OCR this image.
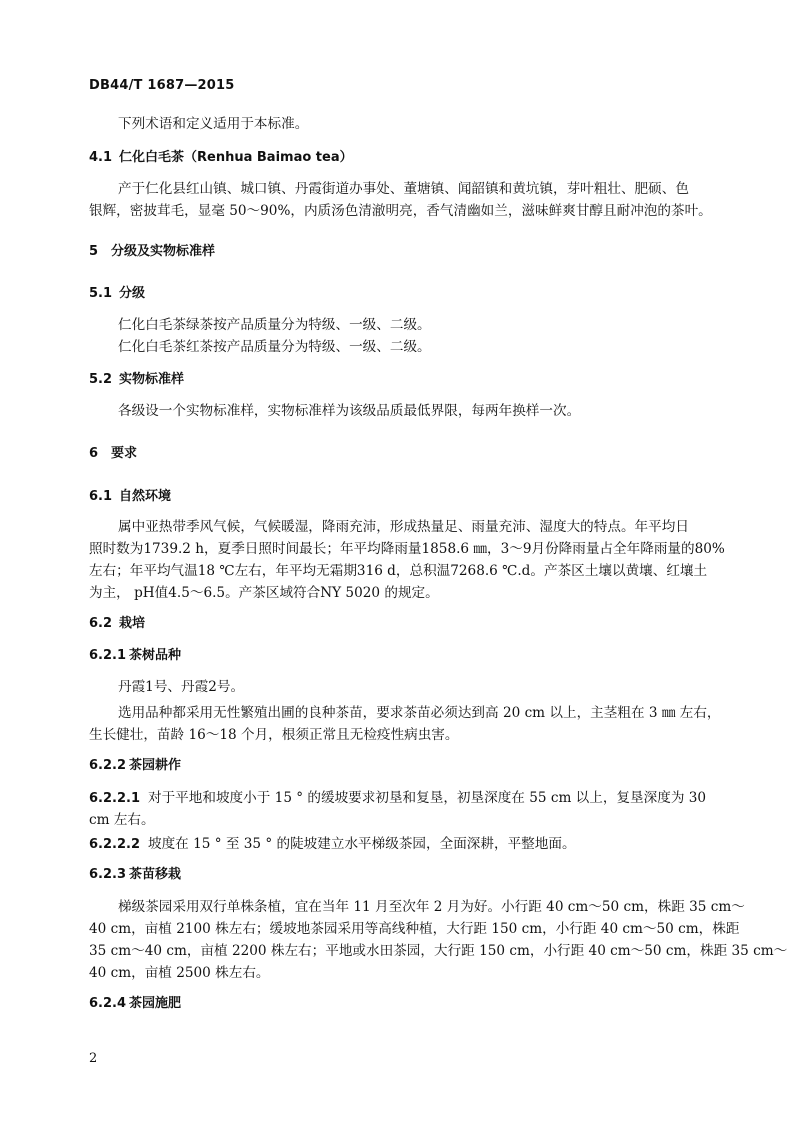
DB44/T 1687—2015
下列术语和定义适用于本标准。
4.1 仁化白毛茶（Renhua Baimao tea）
产于仁化县红山镇、城口镇、丹霞街道办事处、董塘镇、闻韶镇和黄坑镇，芽叶粗壮、肥硕、色
银辉，密披茸毛，显毫 50～90%，内质汤色清澈明亮，香气清幽如兰，滋味鲜爽甘醇且耐冲泡的茶叶。
5 分级及实物标准样
5.1 分级
仁化白毛茶绿茶按产品质量分为特级、一级、二级。
仁化白毛茶红茶按产品质量分为特级、一级、二级。
5.2 实物标准样
各级设一个实物标准样，实物标准样为该级品质最低界限，每两年换样一次。
6 要求
6.1 自然环境
属中亚热带季风气候，气候暖湿，降雨充沛，形成热量足、雨量充沛、湿度大的特点。年平均日
照时数为1739.2 h，夏季日照时间最长；年平均降雨量1858.6 ㎜，3～9月份降雨量占全年降雨量的80%
左右；年平均气温18 ℃左右，年平均无霜期316 d，总积温7268.6 ℃.d。产茶区土壤以黄壤、红壤土
为主， pH值4.5～6.5。产茶区域符合NY 5020 的规定。
6.2 栽培
6.2.1 茶树品种
丹霞1号、丹霞2号。
选用品种都采用无性繁殖出圃的良种茶苗，要求茶苗必须达到高 20 cm 以上，主茎粗在 3 ㎜ 左右，
生长健壮，苗龄 16～18 个月，根须正常且无检疫性病虫害。
6.2.2 茶园耕作
6.2.2.1 对于平地和坡度小于 15 ° 的缓坡要求初垦和复垦，初垦深度在 55 cm 以上，复垦深度为 30
cm 左右。
6.2.2.2 坡度在 15 ° 至 35 ° 的陡坡建立水平梯级茶园，全面深耕，平整地面。
6.2.3 茶苗移栽
梯级茶园采用双行单株条植，宜在当年 11 月至次年 2 月为好。小行距 40 cm～50 cm，株距 35 cm～
40 cm，亩植 2100 株左右；缓坡地茶园采用等高线种植，大行距 150 cm，小行距 40 cm～50 cm，株距
35 cm～40 cm，亩植 2200 株左右；平地或水田茶园，大行距 150 cm，小行距 40 cm～50 cm，株距 35 cm～
40 cm，亩植 2500 株左右。
6.2.4 茶园施肥
2
